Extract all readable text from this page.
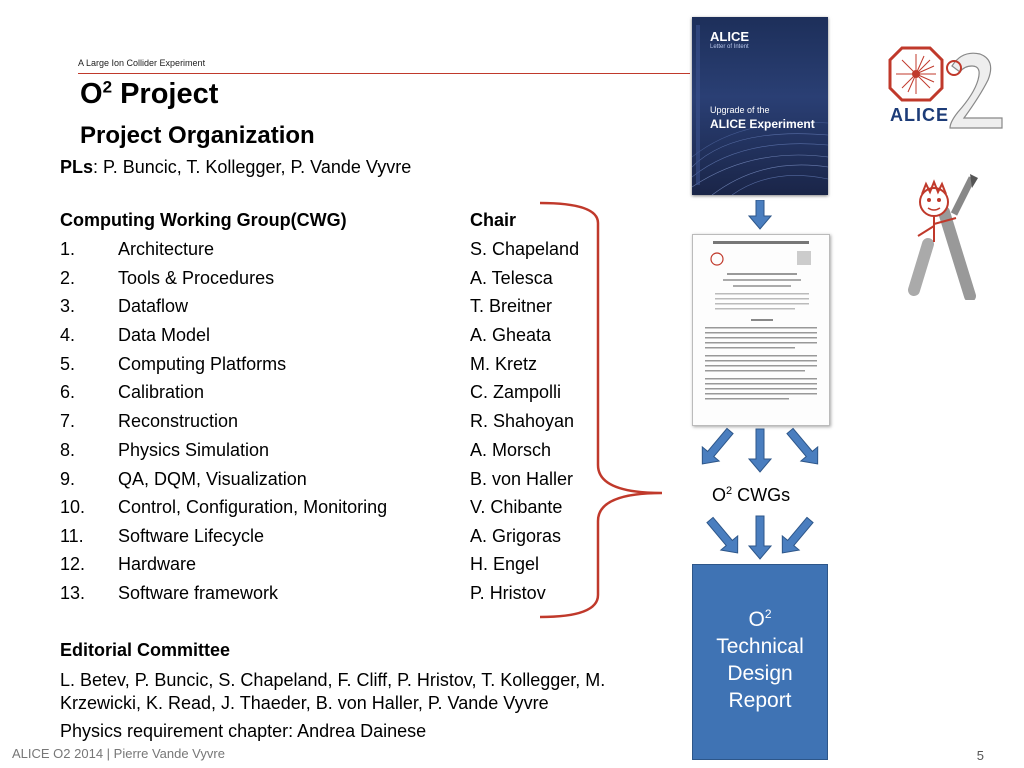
A Large Ion Collider Experiment
$O^2$ Project
Project Organization
PLs: P. Buncic, T. Kollegger, P. Vande Vyvre
Computing Working Group(CWG)	Chair
1. Architecture	S. Chapeland
2. Tools & Procedures	A. Telesca
3. Dataflow	T. Breitner
4. Data Model	A. Gheata
5. Computing Platforms	M. Kretz
6. Calibration	C. Zampolli
7. Reconstruction	R. Shahoyan
8. Physics Simulation	A. Morsch
9. QA, DQM, Visualization	B. von Haller
10. Control, Configuration, Monitoring	V. Chibante
11. Software Lifecycle	A. Grigoras
12. Hardware	H. Engel
13. Software framework	P. Hristov
Editorial Committee
L. Betev, P. Buncic, S. Chapeland, F. Cliff, P. Hristov, T. Kollegger, M. Krzewicki, K. Read, J. Thaeder, B. von Haller, P. Vande Vyvre
Physics requirement chapter: Andrea Dainese
ALICE O2 2014 | Pierre Vande Vyvre	5
ALICE
Letter of Intent
Upgrade of the
ALICE Experiment
$O^2$ CWGs
$O^2$
Technical
Design
Report
ALICE
